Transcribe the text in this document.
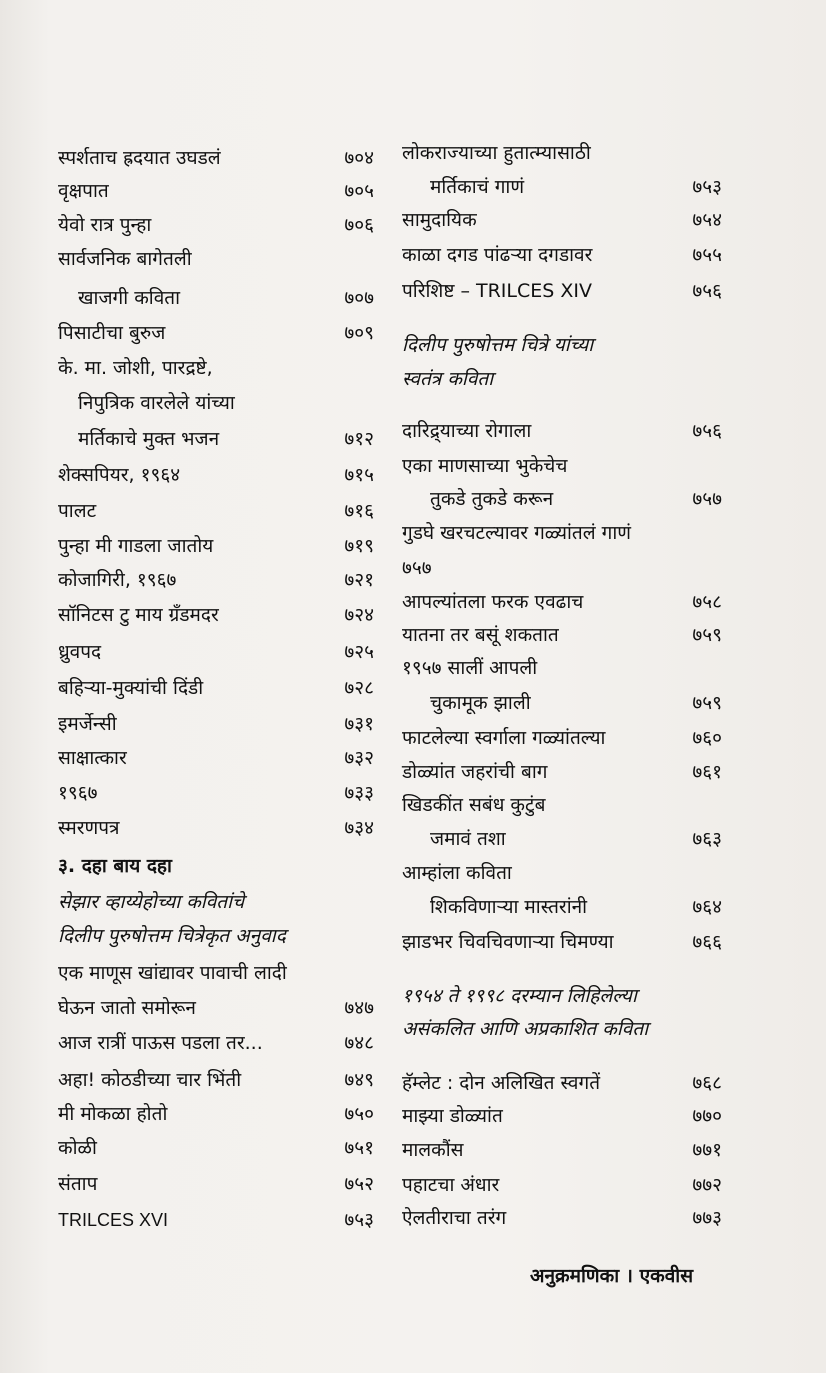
स्पर्शताच ह्रदयात उघडलं	७०४
वृक्षपात	७०५
येवो रात्र पुन्हा	७०६
सार्वजनिक बागेतली
खाजगी कविता	७०७
पिसाटीचा बुरुज	७०९
के. मा. जोशी, पारद्रष्टे,
निपुत्रिक वारलेले यांच्या
मर्तिकाचे मुक्त भजन	७१२
शेक्सपियर, १९६४	७१५
पालट	७१६
पुन्हा मी गाडला जातोय	७१९
कोजागिरी, १९६७	७२१
सॉनिटस टु माय ग्रँडमदर	७२४
ध्रुवपद	७२५
बहिऱ्या-मुक्यांची दिंडी	७२८
इमर्जेन्सी	७३१
साक्षात्कार	७३२
१९६७	७३३
स्मरणपत्र	७३४
३. दहा बाय दहा
सेझार व्हाय्येहोच्या कवितांचे
दिलीप पुरुषोत्तम चित्रेकृत अनुवाद
एक माणूस खांद्यावर पावाची लादी
घेऊन जातो समोरून	७४७
आज रात्रीं पाऊस पडला तर...	७४८
अहा! कोठडीच्या चार भिंती	७४९
मी मोकळा होतो	७५०
कोळी	७५१
संताप	७५२
TRILCES XVI	७५३
लोकराज्याच्या हुतात्म्यासाठी
मर्तिकाचं गाणं	७५३
सामुदायिक	७५४
काळा दगड पांढऱ्या दगडावर	७५५
परिशिष्ट – TRILCES XIV	७५६
दिलीप पुरुषोत्तम चित्रे यांच्या
स्वतंत्र कविता
दारिद्र्याच्या रोगाला	७५६
एका माणसाच्या भुकेचेच
तुकडे तुकडे करून	७५७
गुडघे खरचटल्यावर गळ्यांतलं गाणं
७५७
आपल्यांतला फरक एवढाच	७५८
यातना तर बसूं शकतात	७५९
१९५७ सालीं आपली
चुकामूक झाली	७५९
फाटलेल्या स्वर्गाला गळ्यांतल्या	७६०
डोळ्यांत जहरांची बाग	७६१
खिडकींत सबंध कुटुंब
जमावं तशा	७६३
आम्हांला कविता
शिकविणाऱ्या मास्तरांनी	७६४
झाडभर चिवचिवणाऱ्या चिमण्या	७६६
१९५४ ते १९९८ दरम्यान लिहिलेल्या
असंकलित आणि अप्रकाशित कविता
हॅम्लेट : दोन अलिखित स्वगतें	७६८
माझ्या डोळ्यांत	७७०
मालकौंस	७७१
पहाटचा अंधार	७७२
ऐलतीराचा तरंग	७७३
अनुक्रमणिका । एकवीस
